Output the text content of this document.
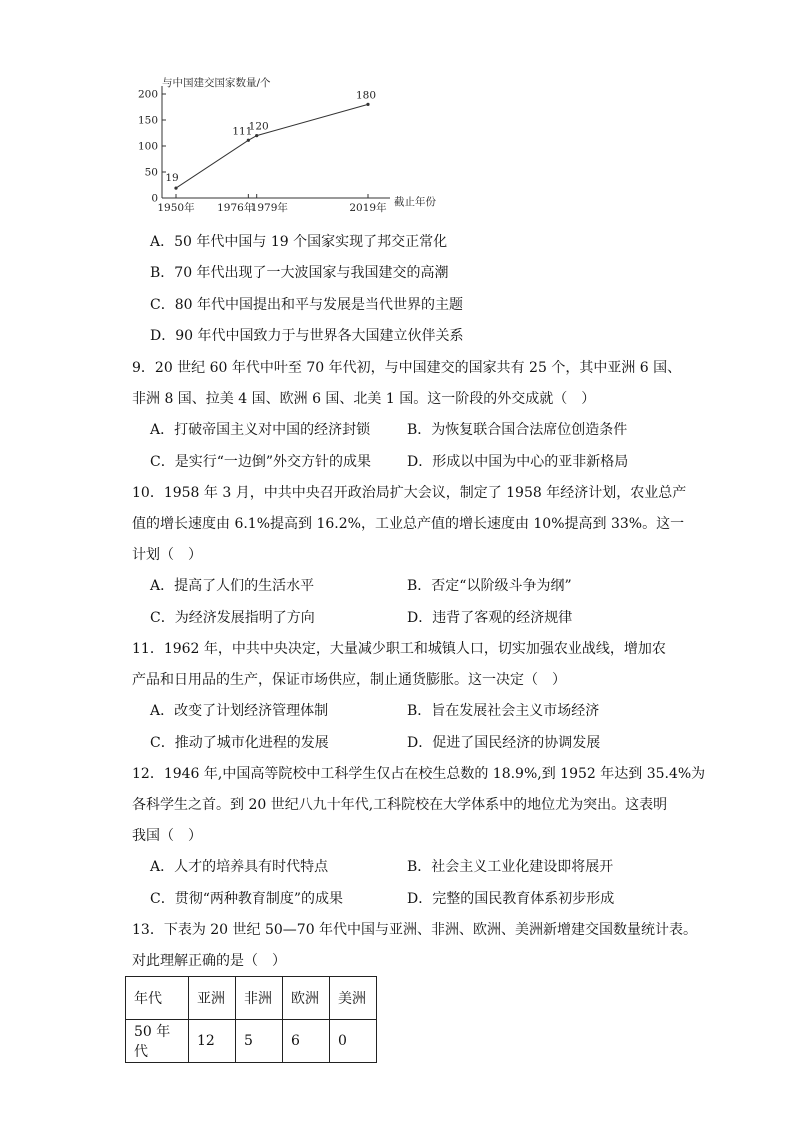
与中国建交国家数量/个
截止年份
0
50
100
150
200
1950年 1976年
1979年	2019年
19
111
120
180
A．50 年代中国与 19 个国家实现了邦交正常化
B．70 年代出现了一大波国家与我国建交的高潮
C．80 年代中国提出和平与发展是当代世界的主题
D．90 年代中国致力于与世界各大国建立伙伴关系
9．20 世纪 60 年代中叶至 70 年代初，与中国建交的国家共有 25 个，其中亚洲 6 国、
非洲 8 国、拉美 4 国、欧洲 6 国、北美 1 国。这一阶段的外交成就（　）
A．打破帝国主义对中国的经济封锁	B．为恢复联合国合法席位创造条件
C．是实行“一边倒”外交方针的成果	D．形成以中国为中心的亚非新格局
10．1958 年 3 月，中共中央召开政治局扩大会议，制定了 1958 年经济计划，农业总产
值的增长速度由 6.1%提高到 16.2%，工业总产值的增长速度由 10%提高到 33%。这一
计划（　）
A．提高了人们的生活水平	B．否定“以阶级斗争为纲”
C．为经济发展指明了方向	D．违背了客观的经济规律
11．1962 年，中共中央决定，大量减少职工和城镇人口，切实加强农业战线，增加农
产品和日用品的生产，保证市场供应，制止通货膨胀。这一决定（　）
A．改变了计划经济管理体制	B．旨在发展社会主义市场经济
C．推动了城市化进程的发展	D．促进了国民经济的协调发展
12．1946 年,中国高等院校中工科学生仅占在校生总数的 18.9%,到 1952 年达到 35.4%为
各科学生之首。到 20 世纪八九十年代,工科院校在大学体系中的地位尤为突出。这表明
我国（　）
A．人才的培养具有时代特点	B．社会主义工业化建设即将展开
C．贯彻“两种教育制度”的成果	D．完整的国民教育体系初步形成
13．下表为 20 世纪 50—70 年代中国与亚洲、非洲、欧洲、美洲新增建交国数量统计表。
对此理解正确的是（　）
年代	亚洲	非洲	欧洲	美洲
50 年代	12	5	6	0
